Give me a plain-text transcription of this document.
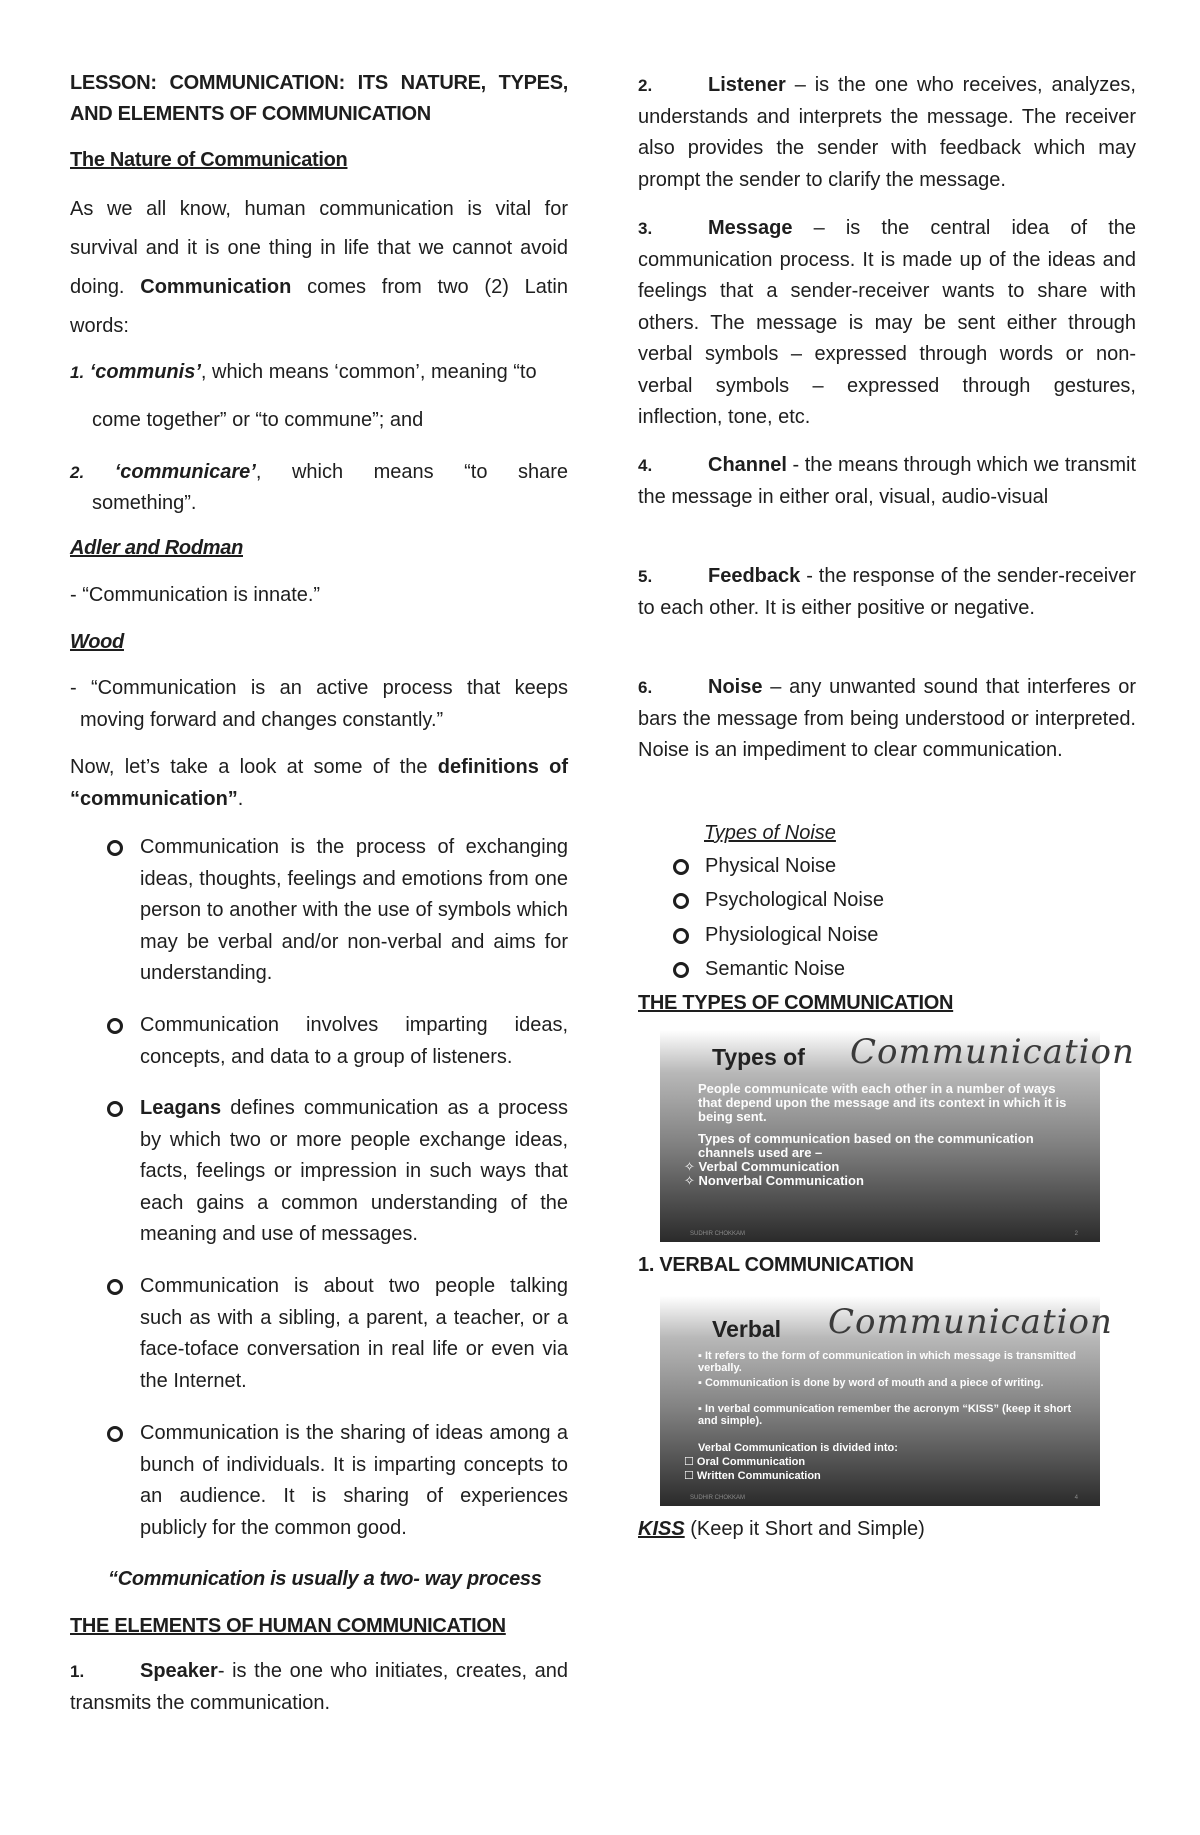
LESSON: COMMUNICATION: ITS NATURE, TYPES,

AND ELEMENTS OF COMMUNICATION

The Nature of Communication

As we all know, human communication is vital for survival and it is one thing in life that we cannot avoid doing. Communication comes from two (2) Latin words:

1. ‘communis’, which means ‘common’, meaning “to
come together” or “to commune”; and
2. ‘communicare’, which means “to share
something”.

Adler and Rodman

- “Communication is innate.”

Wood

- “Communication is an active process that keeps moving forward and changes constantly.”

Now, let’s take a look at some of the definitions of “communication”.

Communication is the process of exchanging ideas, thoughts, feelings and emotions from one person to another with the use of symbols which may be verbal and/or non-verbal and aims for understanding.
Communication involves imparting ideas, concepts, and data to a group of listeners.
Leagans defines communication as a process by which two or more people exchange ideas, facts, feelings or impression in such ways that each gains a common understanding of the meaning and use of messages.
Communication is about two people talking such as with a sibling, a parent, a teacher, or a face-toface conversation in real life or even via the Internet.
Communication is the sharing of ideas among a bunch of individuals. It is imparting concepts to an audience. It is sharing of experiences publicly for the common good.

“Communication is usually a two- way process

THE ELEMENTS OF HUMAN COMMUNICATION

1.	Speaker- is the one who initiates, creates, and transmits the communication.

2.	Listener – is the one who receives, analyzes, understands and interprets the message. The receiver also provides the sender with feedback which may prompt the sender to clarify the message.

3.	Message – is the central idea of the communication process. It is made up of the ideas and feelings that a sender-receiver wants to share with others. The message is may be sent either through verbal symbols – expressed through words or non-verbal symbols – expressed through gestures, inflection, tone, etc.

4.	Channel - the means through which we transmit the message in either oral, visual, audio-visual

5.	Feedback - the response of the sender-receiver to each other. It is either positive or negative.

6.	Noise – any unwanted sound that interferes or bars the message from being understood or interpreted. Noise is an impediment to clear communication.

Types of Noise

Physical Noise
Psychological Noise
Physiological Noise
Semantic Noise

THE TYPES OF COMMUNICATION

Types of Communication
People communicate with each other in a number of ways that depend upon the message and its context in which it is being sent.
Types of communication based on the communication channels used are –
✧ Verbal Communication
✧ Nonverbal Communication
SUDHIR CHOKKAM	2

1. VERBAL COMMUNICATION

Verbal Communication
▪ It refers to the form of communication in which message is transmitted verbally.
▪ Communication is done by word of mouth and a piece of writing.
▪ In verbal communication remember the acronym “KISS” (keep it short and simple).
Verbal Communication is divided into:
☐ Oral Communication
☐ Written Communication
SUDHIR CHOKKAM	4

KISS (Keep it Short and Simple)
